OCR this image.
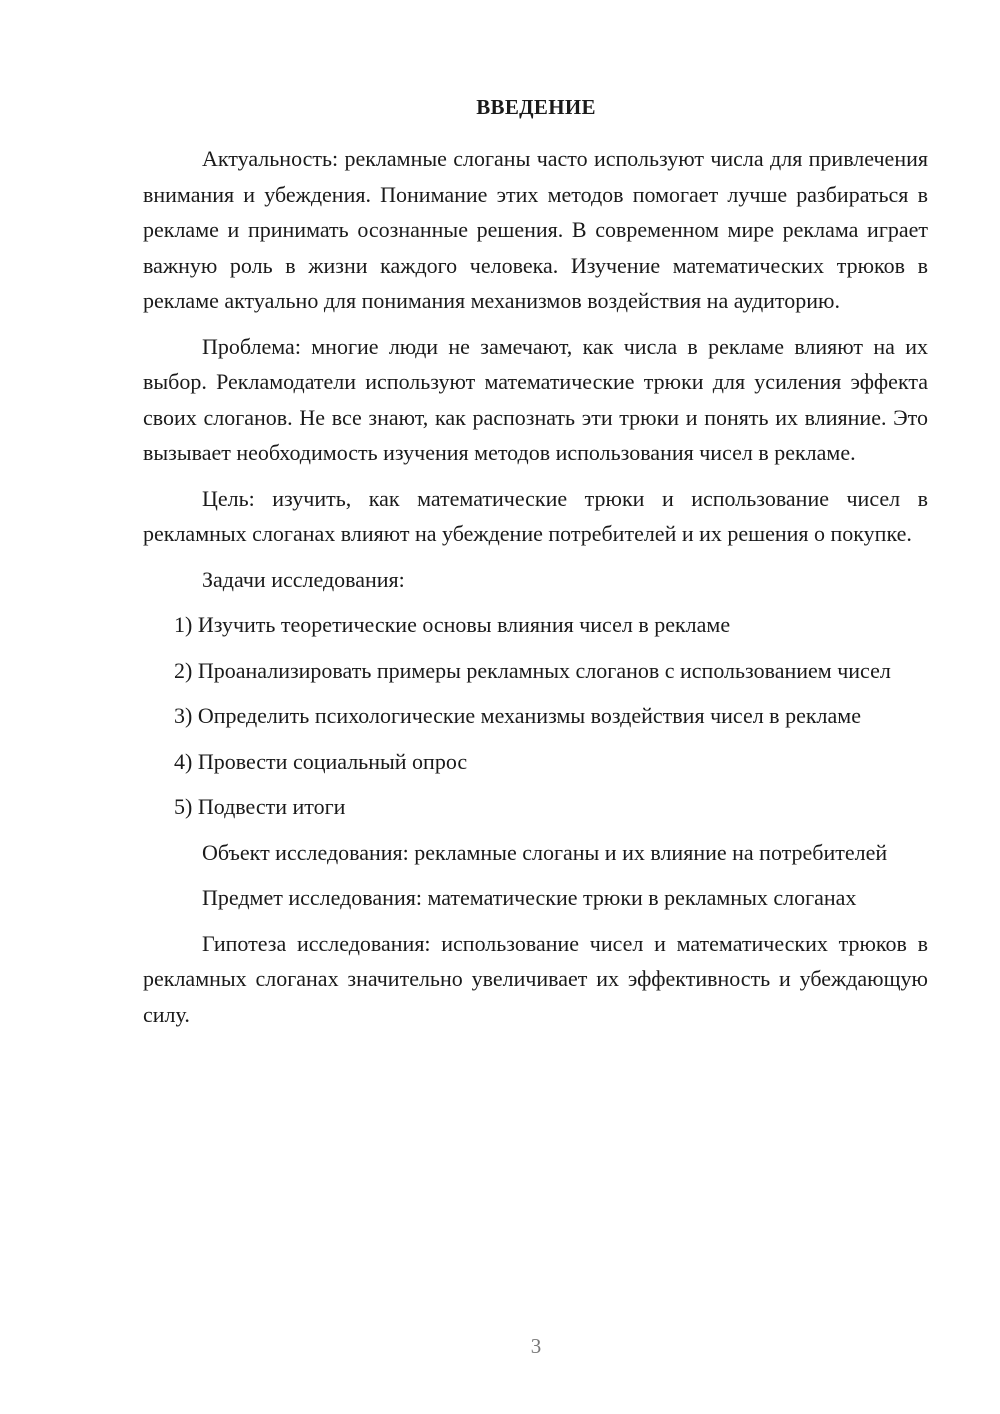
ВВЕДЕНИЕ

Актуальность: рекламные слоганы часто используют числа для привлечения внимания и убеждения. Понимание этих методов помогает лучше разбираться в рекламе и принимать осознанные решения. В современном мире реклама играет важную роль в жизни каждого человека. Изучение математических трюков в рекламе актуально для понимания механизмов воздействия на аудиторию.

Проблема: многие люди не замечают, как числа в рекламе влияют на их выбор. Рекламодатели используют математические трюки для усиления эффекта своих слоганов. Не все знают, как распознать эти трюки и понять их влияние. Это вызывает необходимость изучения методов использования чисел в рекламе.

Цель: изучить, как математические трюки и использование чисел в рекламных слоганах влияют на убеждение потребителей и их решения о покупке.

Задачи исследования:

1) Изучить теоретические основы влияния чисел в рекламе

2) Проанализировать примеры рекламных слоганов с использованием чисел

3) Определить психологические механизмы воздействия чисел в рекламе

4) Провести социальный опрос

5) Подвести итоги

Объект исследования: рекламные слоганы и их влияние на потребителей

Предмет исследования: математические трюки в рекламных слоганах

Гипотеза исследования: использование чисел и математических трюков в рекламных слоганах значительно увеличивает их эффективность и убеждающую силу.

3
